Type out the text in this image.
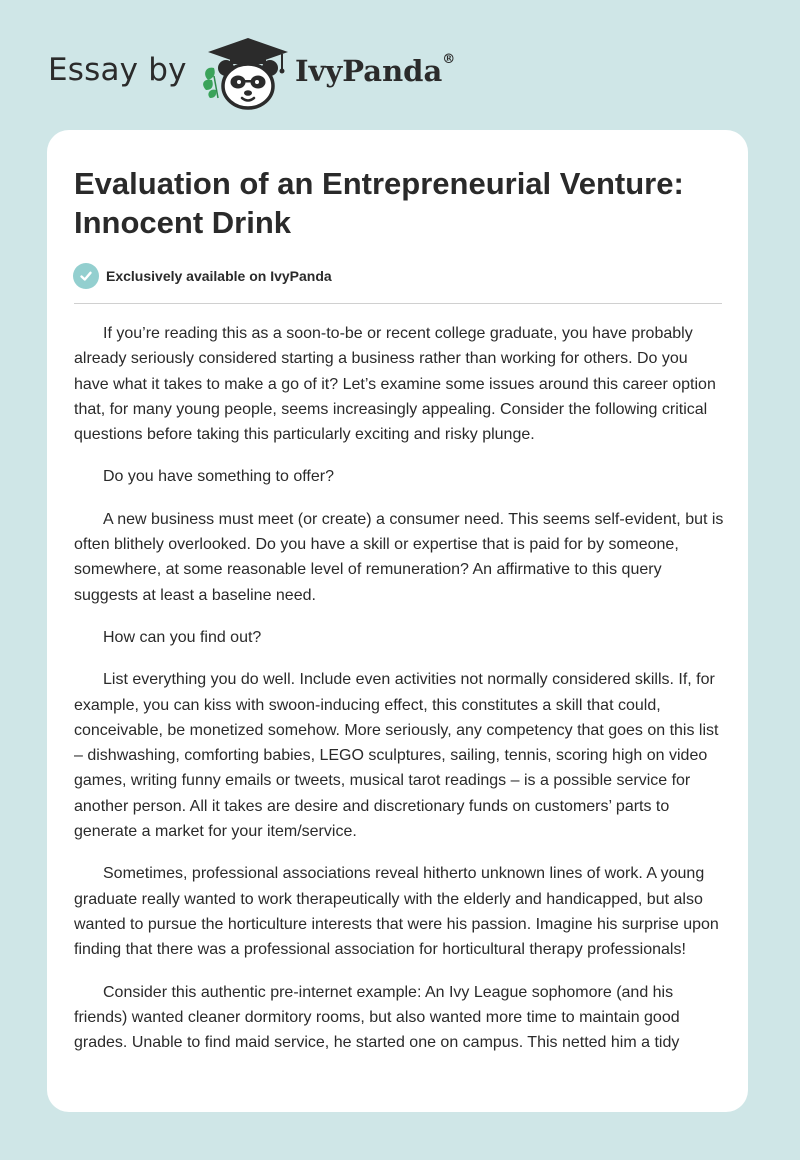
Essay by	IvyPanda®
Evaluation of an Entrepreneurial Venture: Innocent Drink
Exclusively available on IvyPanda

If you’re reading this as a soon-to-be or recent college graduate, you have probably already seriously considered starting a business rather than working for others. Do you have what it takes to make a go of it? Let’s examine some issues around this career option that, for many young people, seems increasingly appealing. Consider the following critical questions before taking this particularly exciting and risky plunge.

Do you have something to offer?

A new business must meet (or create) a consumer need. This seems self-evident, but is often blithely overlooked. Do you have a skill or expertise that is paid for by someone, somewhere, at some reasonable level of remuneration? An affirmative to this query suggests at least a baseline need.

How can you find out?

List everything you do well. Include even activities not normally considered skills. If, for example, you can kiss with swoon-inducing effect, this constitutes a skill that could, conceivable, be monetized somehow. More seriously, any competency that goes on this list – dishwashing, comforting babies, LEGO sculptures, sailing, tennis, scoring high on video games, writing funny emails or tweets, musical tarot readings – is a possible service for another person. All it takes are desire and discretionary funds on customers’ parts to generate a market for your item/service.

Sometimes, professional associations reveal hitherto unknown lines of work. A young graduate really wanted to work therapeutically with the elderly and handicapped, but also wanted to pursue the horticulture interests that were his passion. Imagine his surprise upon finding that there was a professional association for horticultural therapy professionals!

Consider this authentic pre-internet example: An Ivy League sophomore (and his friends) wanted cleaner dormitory rooms, but also wanted more time to maintain good grades. Unable to find maid service, he started one on campus. This netted him a tidy
